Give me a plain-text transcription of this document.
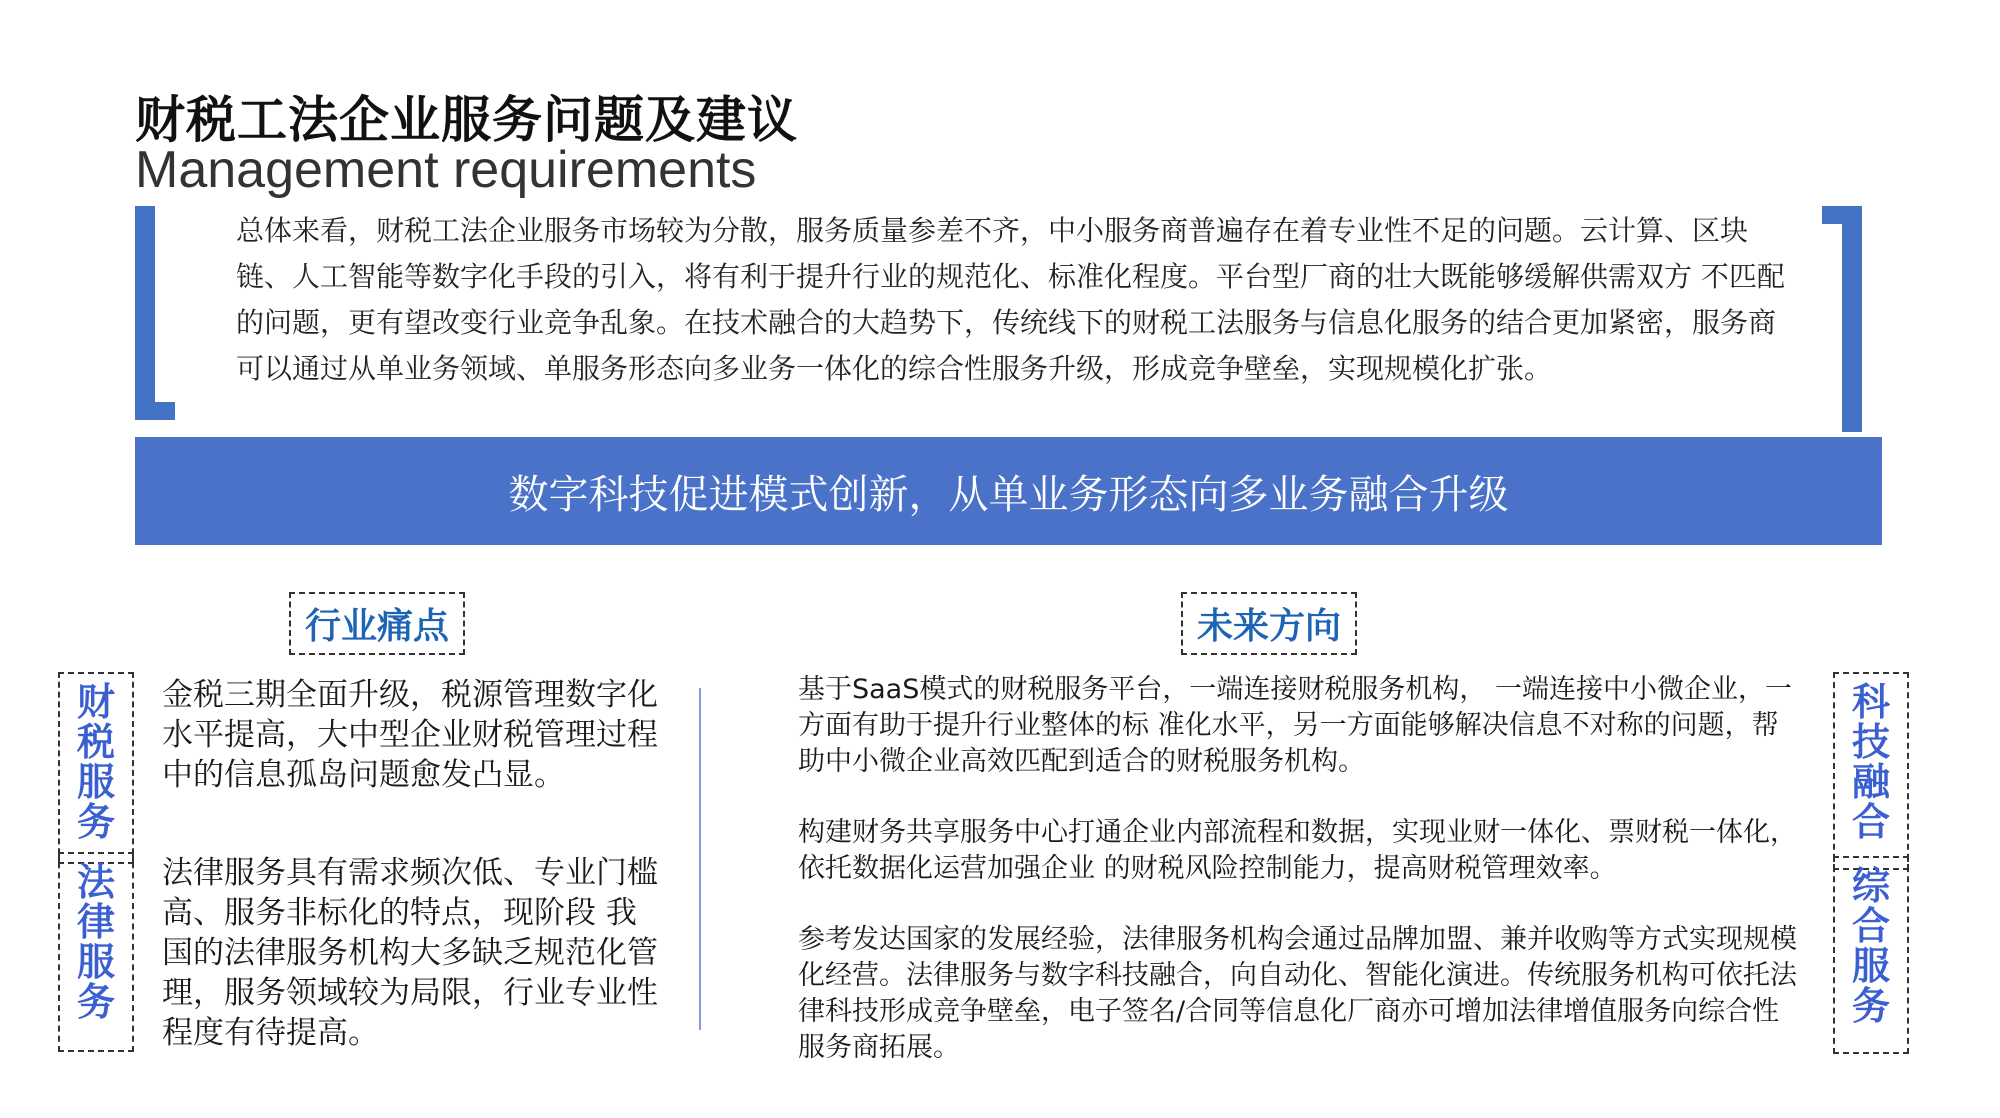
财税工法企业服务问题及建议
Management requirements
总体来看，财税工法企业服务市场较为分散，服务质量参差不齐，中小服务商普遍存在着专业性不足的问题。云计算、区块链、人工智能等数字化手段的引入，将有利于提升行业的规范化、标准化程度。平台型厂商的壮大既能够缓解供需双方 不匹配的问题，更有望改变行业竞争乱象。在技术融合的大趋势下，传统线下的财税工法服务与信息化服务的结合更加紧密，服务商可以通过从单业务领域、单服务形态向多业务一体化的综合性服务升级，形成竞争壁垒，实现规模化扩张。
数字科技促进模式创新，从单业务形态向多业务融合升级
行业痛点	未来方向
财
税
服
务
法
律
服
务
科
技
融
合
综
合
服
务
金税三期全面升级，税源管理数字化水平提高，大中型企业财税管理过程中的信息孤岛问题愈发凸显。
法律服务具有需求频次低、专业门槛高、服务非标化的特点，现阶段 我国的法律服务机构大多缺乏规范化管理，服务领域较为局限，行业专业性程度有待提高。
基于SaaS模式的财税服务平台，一端连接财税服务机构， 一端连接中小微企业，一方面有助于提升行业整体的标 准化水平，另一方面能够解决信息不对称的问题，帮助中小微企业高效匹配到适合的财税服务机构。
构建财务共享服务中心打通企业内部流程和数据，实现业财一体化、票财税一体化，依托数据化运营加强企业 的财税风险控制能力，提高财税管理效率。
参考发达国家的发展经验，法律服务机构会通过品牌加盟、兼并收购等方式实现规模化经营。法律服务与数字科技融合，向自动化、智能化演进。传统服务机构可依托法律科技形成竞争壁垒，电子签名/合同等信息化厂商亦可增加法律增值服务向综合性服务商拓展。
